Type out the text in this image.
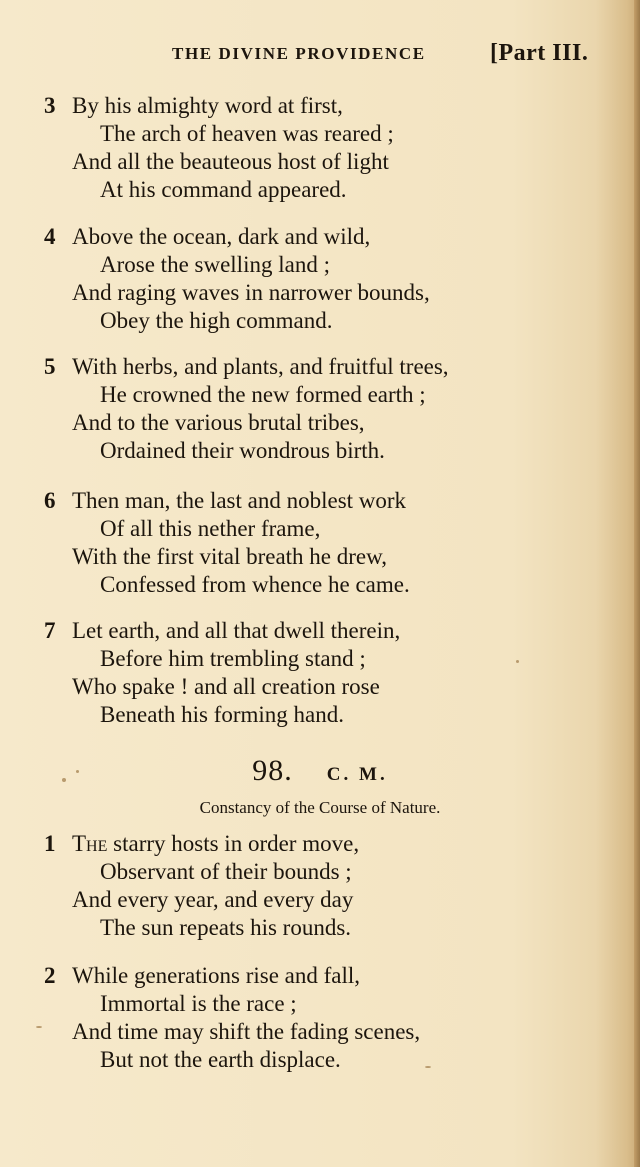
THE DIVINE PROVIDENCE	[Part III.
3 By his almighty word at first,
The arch of heaven was reared ;
And all the beauteous host of light
At his command appeared.
4 Above the ocean, dark and wild,
Arose the swelling land ;
And raging waves in narrower bounds,
Obey the high command.
5 With herbs, and plants, and fruitful trees,
He crowned the new formed earth ;
And to the various brutal tribes,
Ordained their wondrous birth.
6 Then man, the last and noblest work
Of all this nether frame,
With the first vital breath he drew,
Confessed from whence he came.
7 Let earth, and all that dwell therein,
Before him trembling stand ;
Who spake ! and all creation rose
Beneath his forming hand.
98. C. M.
Constancy of the Course of Nature.
1 The starry hosts in order move,
Observant of their bounds ;
And every year, and every day
The sun repeats his rounds.
2 While generations rise and fall,
Immortal is the race ;
And time may shift the fading scenes,
But not the earth displace.
